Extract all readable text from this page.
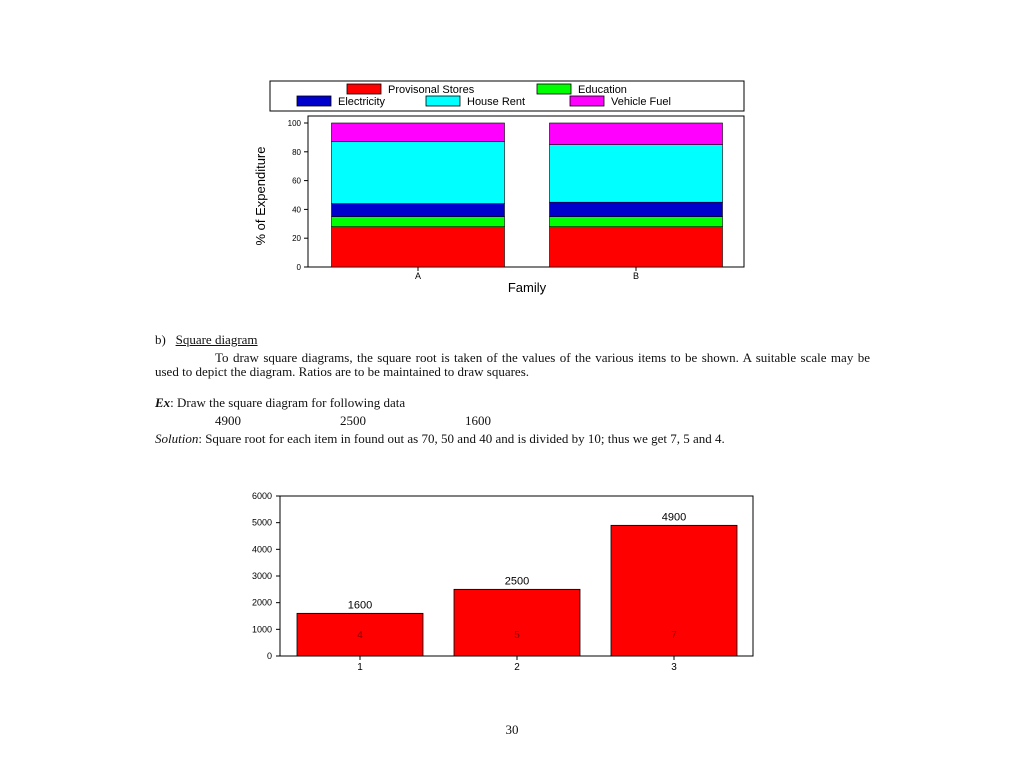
Provisonal Stores	Education
Electricity	House Rent	Vehicle Fuel
0
20
40
60
80
100
A	B
% of Expenditure
Family
1600
4
2500
5
4900
7
0
1000
2000
3000
4000
5000
6000
1	2	3

b) Square diagram

To draw square diagrams, the square root is taken of the values of the various items to be shown. A suitable scale may be used to depict the diagram. Ratios are to be maintained to draw squares.

Ex: Draw the square diagram for following data

4900	2500	1600

Solution: Square root for each item in found out as 70, 50 and 40 and is divided by 10; thus we get 7, 5 and 4.

30
